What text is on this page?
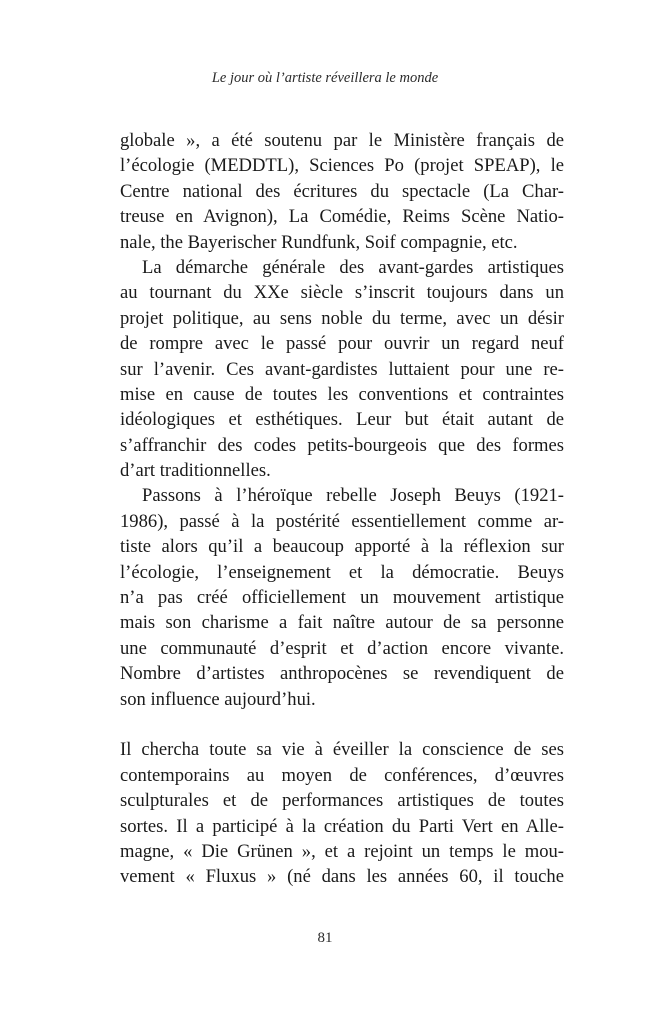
Le jour où l’artiste réveillera le monde
globale », a été soutenu par le Ministère français de
l’écologie (MEDDTL), Sciences Po (projet SPEAP), le
Centre national des écritures du spectacle (La Char-
treuse en Avignon), La Comédie, Reims Scène Natio-
nale, the Bayerischer Rundfunk, Soif compagnie, etc.
La démarche générale des avant-gardes artistiques
au tournant du XXe siècle s’inscrit toujours dans un
projet politique, au sens noble du terme, avec un désir
de rompre avec le passé pour ouvrir un regard neuf
sur l’avenir. Ces avant-gardistes luttaient pour une re-
mise en cause de toutes les conventions et contraintes
idéologiques et esthétiques. Leur but était autant de
s’affranchir des codes petits-bourgeois que des formes
d’art traditionnelles.
Passons à l’héroïque rebelle Joseph Beuys (1921-
1986), passé à la postérité essentiellement comme ar-
tiste alors qu’il a beaucoup apporté à la réflexion sur
l’écologie, l’enseignement et la démocratie. Beuys
n’a pas créé officiellement un mouvement artistique
mais son charisme a fait naître autour de sa personne
une communauté d’esprit et d’action encore vivante.
Nombre d’artistes anthropocènes se revendiquent de
son influence aujourd’hui.
Il chercha toute sa vie à éveiller la conscience de ses
contemporains au moyen de conférences, d’œuvres
sculpturales et de performances artistiques de toutes
sortes. Il a participé à la création du Parti Vert en Alle-
magne, « Die Grünen », et a rejoint un temps le mou-
vement « Fluxus » (né dans les années 60, il touche
81
